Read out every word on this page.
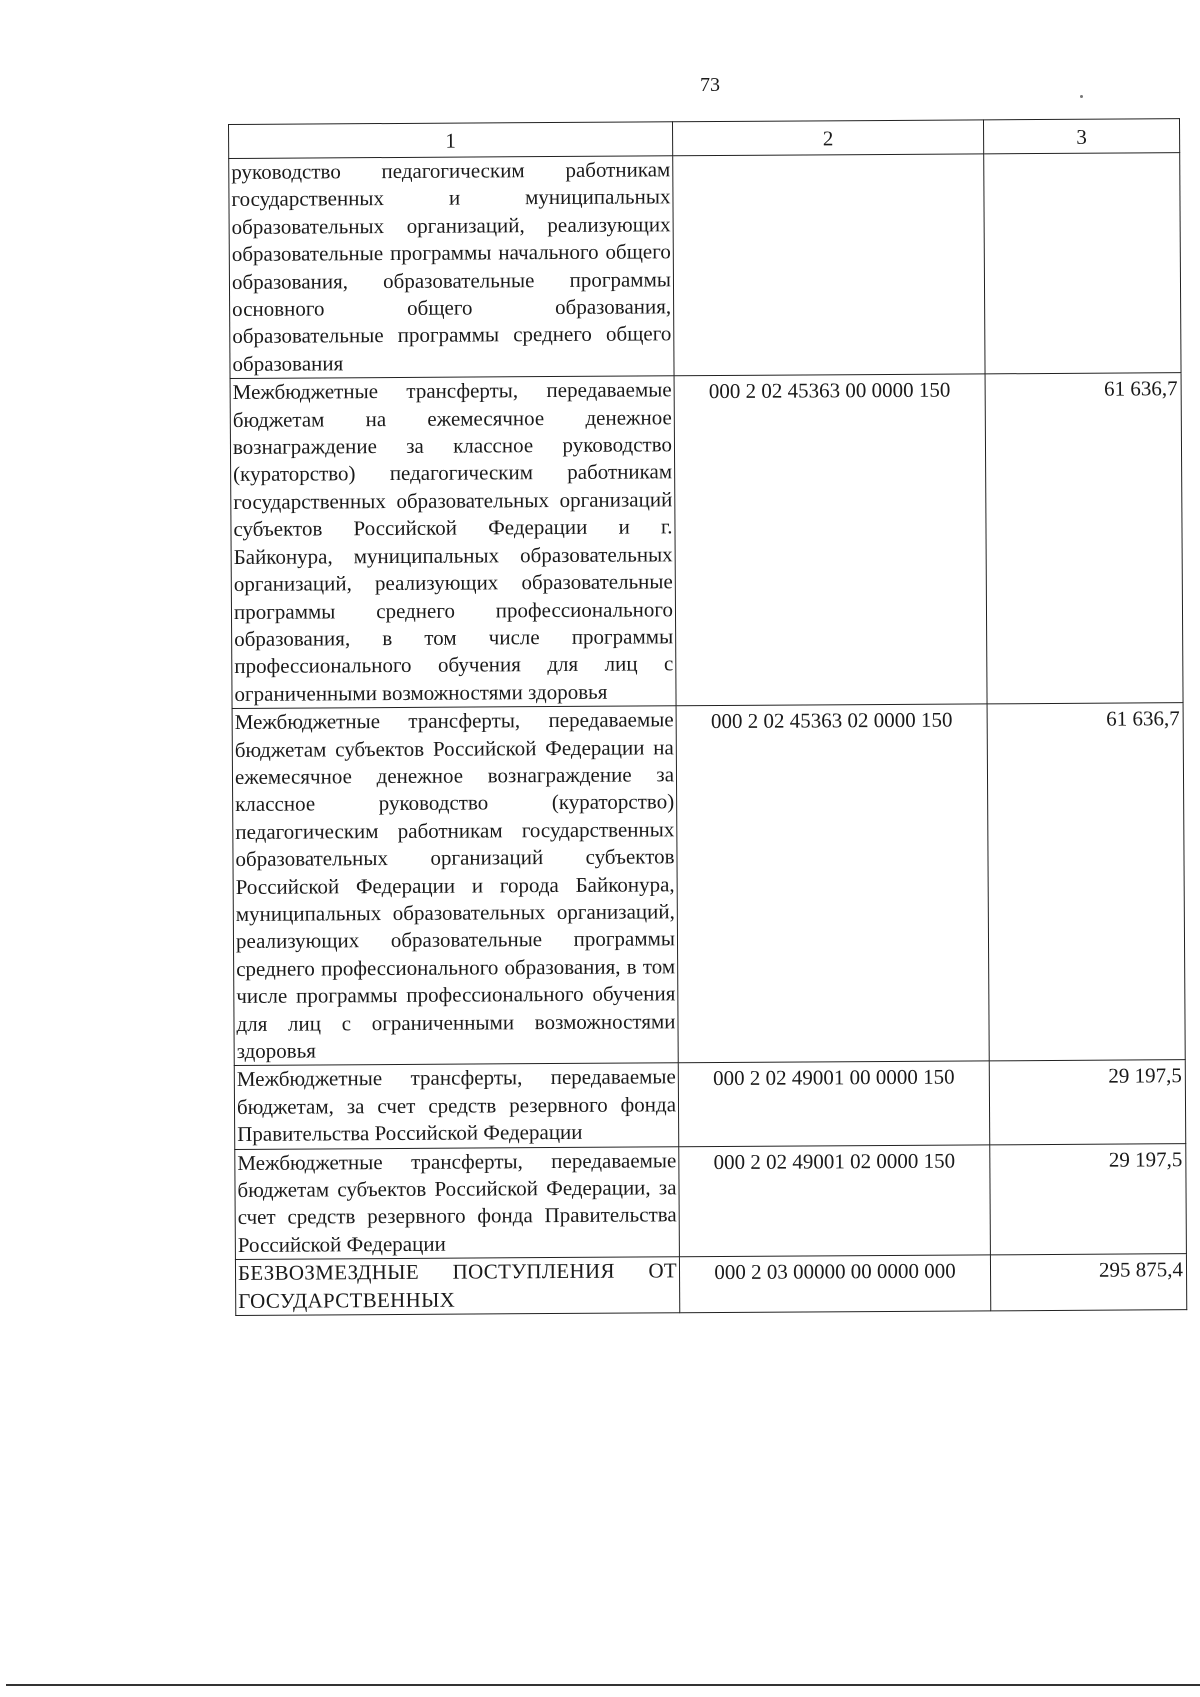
73
1	2	3
руководство педагогическим работникам государственных и муниципальных образовательных организаций, реализующих образовательные программы начального общего образования, образовательные программы основного общего образования, образовательные программы среднего общего образования		
Межбюджетные трансферты, передаваемые бюджетам на ежемесячное денежное вознаграждение за классное руководство (кураторство) педагогическим работникам государственных образовательных организаций субъектов Российской Федерации и г. Байконура, муниципальных образовательных организаций, реализующих образовательные программы среднего профессионального образования, в том числе программы профессионального обучения для лиц с ограниченными возможностями здоровья	000 2 02 45363 00 0000 150	61 636,7
Межбюджетные трансферты, передаваемые бюджетам субъектов Российской Федерации на ежемесячное денежное вознаграждение за классное руководство (кураторство) педагогическим работникам государственных образовательных организаций субъектов Российской Федерации и города Байконура, муниципальных образовательных организаций, реализующих образовательные программы среднего профессионального образования, в том числе программы профессионального обучения для лиц с ограниченными возможностями здоровья	000 2 02 45363 02 0000 150	61 636,7
Межбюджетные трансферты, передаваемые бюджетам, за счет средств резервного фонда Правительства Российской Федерации	000 2 02 49001 00 0000 150	29 197,5
Межбюджетные трансферты, передаваемые бюджетам субъектов Российской Федерации, за счет средств резервного фонда Правительства Российской Федерации	000 2 02 49001 02 0000 150	29 197,5
БЕЗВОЗМЕЗДНЫЕ ПОСТУПЛЕНИЯ ОТ ГОСУДАРСТВЕННЫХ	000 2 03 00000 00 0000 000	295 875,4
